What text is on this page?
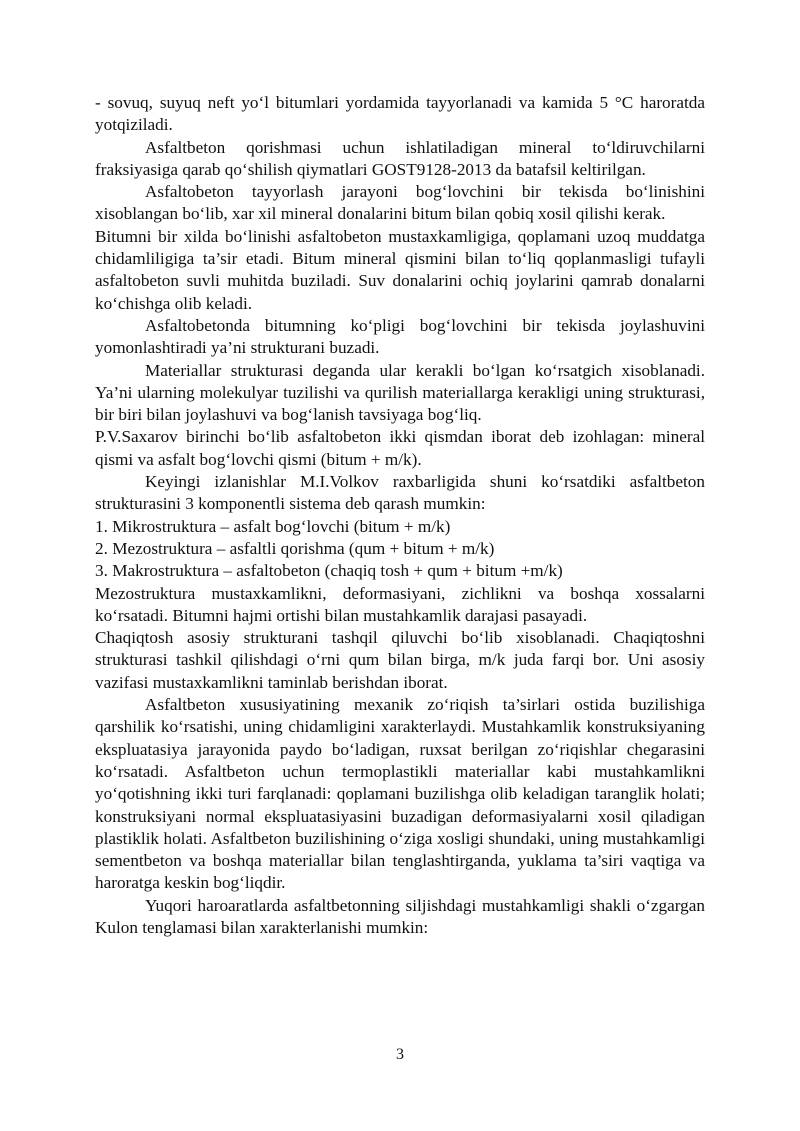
- sovuq, suyuq neft yo‘l bitumlari yordamida tayyorlanadi va kamida 5 °C haroratda yotqiziladi.

Asfaltbeton qorishmasi uchun ishlatiladigan mineral to‘ldiruvchilarni fraksiyasiga qarab qo‘shilish qiymatlari GOST9128-2013 da batafsil keltirilgan.

Asfaltobeton tayyorlash jarayoni bog‘lovchini bir tekisda bo‘linishini xisoblangan bo‘lib, xar xil mineral donalarini bitum bilan qobiq xosil qilishi kerak.

Bitumni bir xilda bo‘linishi asfaltobeton mustaxkamligiga, qoplamani uzoq muddatga chidamliligiga ta’sir etadi. Bitum mineral qismini bilan to‘liq qoplanmasligi tufayli asfaltobeton suvli muhitda buziladi. Suv donalarini ochiq joylarini qamrab donalarni ko‘chishga olib keladi.

Asfaltobetonda bitumning ko‘pligi bog‘lovchini bir tekisda joylashuvini yomonlashtiradi ya’ni strukturani buzadi.

Materiallar strukturasi deganda ular kerakli bo‘lgan ko‘rsatgich xisoblanadi. Ya’ni ularning molekulyar tuzilishi va qurilish materiallarga kerakligi uning strukturasi, bir biri bilan joylashuvi va bog‘lanish tavsiyaga bog‘liq.

P.V.Saxarov birinchi bo‘lib asfaltobeton ikki qismdan iborat deb izohlagan: mineral qismi va asfalt bog‘lovchi qismi (bitum + m/k).

Keyingi izlanishlar M.I.Volkov raxbarligida shuni ko‘rsatdiki asfaltbeton strukturasini 3 komponentli sistema deb qarash mumkin:

1. Mikrostruktura – asfalt bog‘lovchi (bitum + m/k)

2. Mezostruktura – asfaltli qorishma (qum + bitum + m/k)

3. Makrostruktura – asfaltobeton (chaqiq tosh + qum + bitum +m/k)

Mezostruktura mustaxkamlikni, deformasiyani, zichlikni va boshqa xossalarni ko‘rsatadi. Bitumni hajmi ortishi bilan mustahkamlik darajasi pasayadi.

Chaqiqtosh asosiy strukturani tashqil qiluvchi bo‘lib xisoblanadi. Chaqiqtoshni strukturasi tashkil qilishdagi o‘rni qum bilan birga, m/k juda farqi bor. Uni asosiy vazifasi mustaxkamlikni taminlab berishdan iborat.

Asfaltbeton xususiyatining mexanik zo‘riqish ta’sirlari ostida buzilishiga qarshilik ko‘rsatishi, uning chidamligini xarakterlaydi. Mustahkamlik konstruksiyaning ekspluatasiya jarayonida paydo bo‘ladigan, ruxsat berilgan zo‘riqishlar chegarasini ko‘rsatadi. Asfaltbeton uchun termoplastikli materiallar kabi mustahkamlikni yo‘qotishning ikki turi farqlanadi: qoplamani buzilishga olib keladigan taranglik holati; konstruksiyani normal ekspluatasiyasini buzadigan deformasiyalarni xosil qiladigan plastiklik holati. Asfaltbeton buzilishining o‘ziga xosligi shundaki, uning mustahkamligi sementbeton va boshqa materiallar bilan tenglashtirganda, yuklama ta’siri vaqtiga va haroratga keskin bog‘liqdir.

Yuqori haroaratlarda asfaltbetonning siljishdagi mustahkamligi shakli o‘zgargan Kulon tenglamasi bilan xarakterlanishi mumkin:

3
